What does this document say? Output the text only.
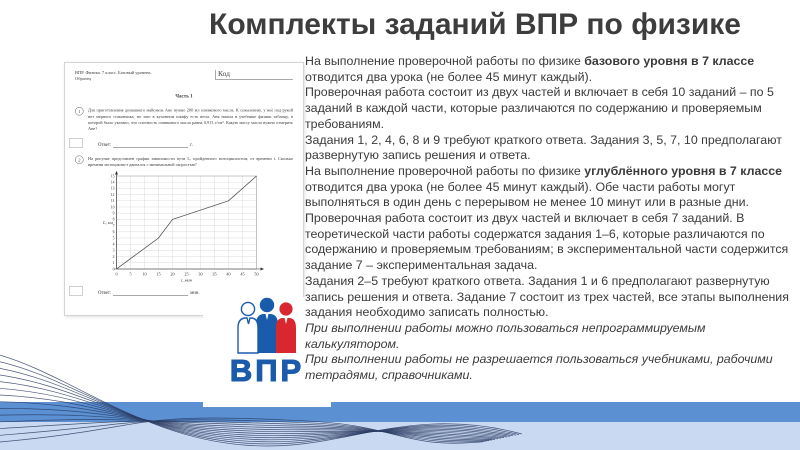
Комплекты заданий ВПР по физике
ВПР. Физика. 7 класс. Базовый уровень.
Образец
Код
Часть 1
1 Для приготовления домашнего майонеза Ане нужно 200 мл оливкового масла. К сожалению, у неё под рукой нет мерного стаканчика, но зато в кухонном шкафу есть весы. Аня нашла в учебнике физики таблицу, в которой было указано, что плотность оливкового масла равна 0,913 г/см³. Какую массу масла нужно отмерить Ане?
Ответ:	г.
2 На рисунке представлен график зависимости пути L, пройденного мотоциклистом, от времени t. Сколько времени мотоциклист двигался с минимальной скоростью?
0 5 10 15 20 25 30 35 40 45 50
0
1
2
3
4
5
6
7
8
9
10
11
12
13
14
15
L, км
t, мин
Ответ:	мин.
ВПР

На выполнение проверочной работы по физике базового уровня в 7 классе отводится два урока (не более 45 минут каждый).

Проверочная работа состоит из двух частей и включает в себя 10 заданий – по 5 заданий в каждой части, которые различаются по содержанию и проверяемым требованиям.

Задания 1, 2, 4, 6, 8 и 9 требуют краткого ответа. Задания 3, 5, 7, 10 предполагают развернутую запись решения и ответа.

На выполнение проверочной работы по физике углублённого уровня в 7 классе отводится два урока (не более 45 минут каждый). Обе части работы могут выполняться в один день с перерывом не менее 10 минут или в разные дни.

Проверочная работа состоит из двух частей и включает в себя 7 заданий. В теоретической части работы содержатся задания 1–6, которые различаются по содержанию и проверяемым требованиям; в экспериментальной части содержится задание 7 – экспериментальная задача.

Задания 2–5 требуют краткого ответа. Задания 1 и 6 предполагают развернутую запись решения и ответа. Задание 7 состоит из трех частей, все этапы выполнения задания необходимо записать полностью.

При выполнении работы можно пользоваться непрограммируемым калькулятором.

При выполнении работы не разрешается пользоваться учебниками, рабочими тетрадями, справочниками.
